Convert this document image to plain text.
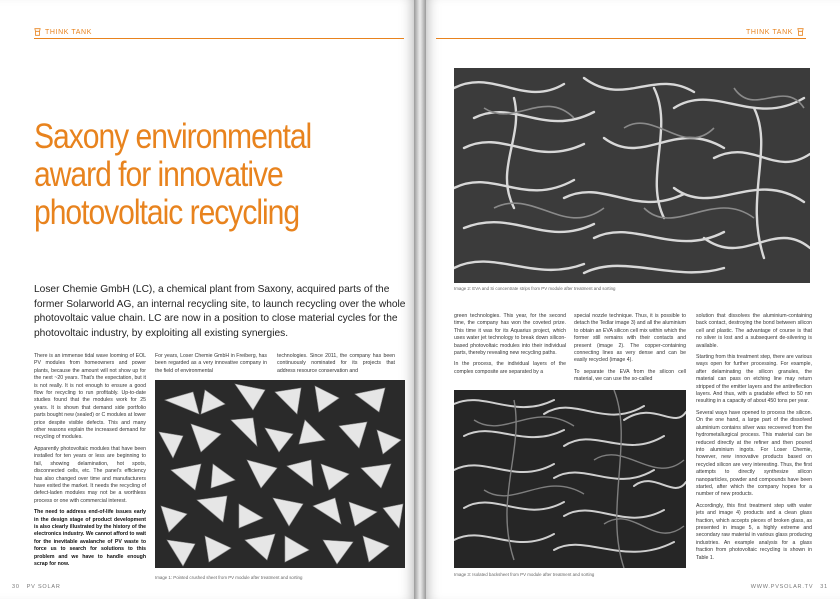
THINK TANK
Saxony environmental
award for innovative
photovoltaic recycling

Loser Chemie GmbH (LC), a chemical plant from Saxony, acquired parts of the former Solarworld AG, an internal recycling site, to launch recycling over the whole photovoltaic value chain. LC are now in a position to close material cycles for the photovoltaic industry, by exploiting all existing synergies.

There is an immense tidal wave looming of EOL PV modules from homeowners and power plants, because the amount will not show up for the next ~20 years. That's the expectation, but it is not really. It is not enough to ensure a good flow for recycling to run profitably. Up-to-date studies found that the modules work for 25 years. It is shown that demand side portfolio parts bought new (sealed) or C modules at lower price despite visible defects. This and many other reasons explain the increased demand for recycling of modules.

Apparently photovoltaic modules that have been installed for ten years or less are beginning to fail, showing delamination, hot spots, disconnected cells, etc. The panel's efficiency has also changed over time and manufacturers have exited the market. It needs the recycling of defect-laden modules may not be a worthless process or one with commercial interest.

The need to address end-of-life issues early in the design stage of product development is also clearly illustrated by the history of the electronics industry. We cannot afford to wait for the inevitable avalanche of PV waste to force us to search for solutions to this problem and we have to handle enough scrap for now.

For years, Loser Chemie GmbH in Freiberg, has been regarded as a very innovative company in the field of environmental

technologies. Since 2011, the company has been continuously nominated for its projects that address resource conservation and

Image 1: Pointed crushed sheet from PV module after treatment and sorting
30 PV SOLAR
THINK TANK
Image 2: EVA and Si concentrate strips from PV module after treatment and sorting

green technologies. This year, for the second time, the company has won the coveted prize. This time it was for its Aquarius project, which uses water jet technology to break down silicon-based photovoltaic modules into their individual parts, thereby revealing new recycling paths.

In the process, the individual layers of the complex composite are separated by a

special nozzle technique. Thus, it is possible to detach the Tedlar image 3) and all the aluminium to obtain an EVA silicon cell mix within which the former still remains with their contacts and present (image 2). The copper-containing connecting lines as very dense and can be easily recycled (image 4).

To separate the EVA from the silicon cell material, we can use the so-called

solution that dissolves the aluminium-containing back contact, destroying the bond between silicon cell and plastic. The advantage of course is that no silver is lost and a subsequent de-silvering is available.

Starting from this treatment step, there are various ways open for further processing. For example, after delaminating the silicon granules, the material can pass on etching line may return stripped of the emitter layers and the antireflection layers. And thus, with a gradable effect to 50 nm resulting in a capacity of about 450 tons per year.

Several ways have opened to process the silicon. On the one hand, a large part of the dissolved aluminium contains silver was recovered from the hydrometallurgical process. This material can be reduced directly at the refiner and then poured into aluminium ingots. For Loser Chemie, however, new innovative products based on recycled silicon are very interesting. Thus, the first attempts to directly synthesize silicon nanoparticles, powder and compounds have been started, after which the company hopes for a number of new products.

Accordingly, this first treatment step with water jets and image 4) products and a clean glass fraction, which accepts pieces of broken glass, as presented in image 5, a highly extreme and secondary raw material in various glass producing industries. An example analysis for a glass fraction from photovoltaic recycling is shown in Table 1.

Image 3: Isolated backsheet from PV module after treatment and sorting
WWW.PVSOLAR.TV 31
